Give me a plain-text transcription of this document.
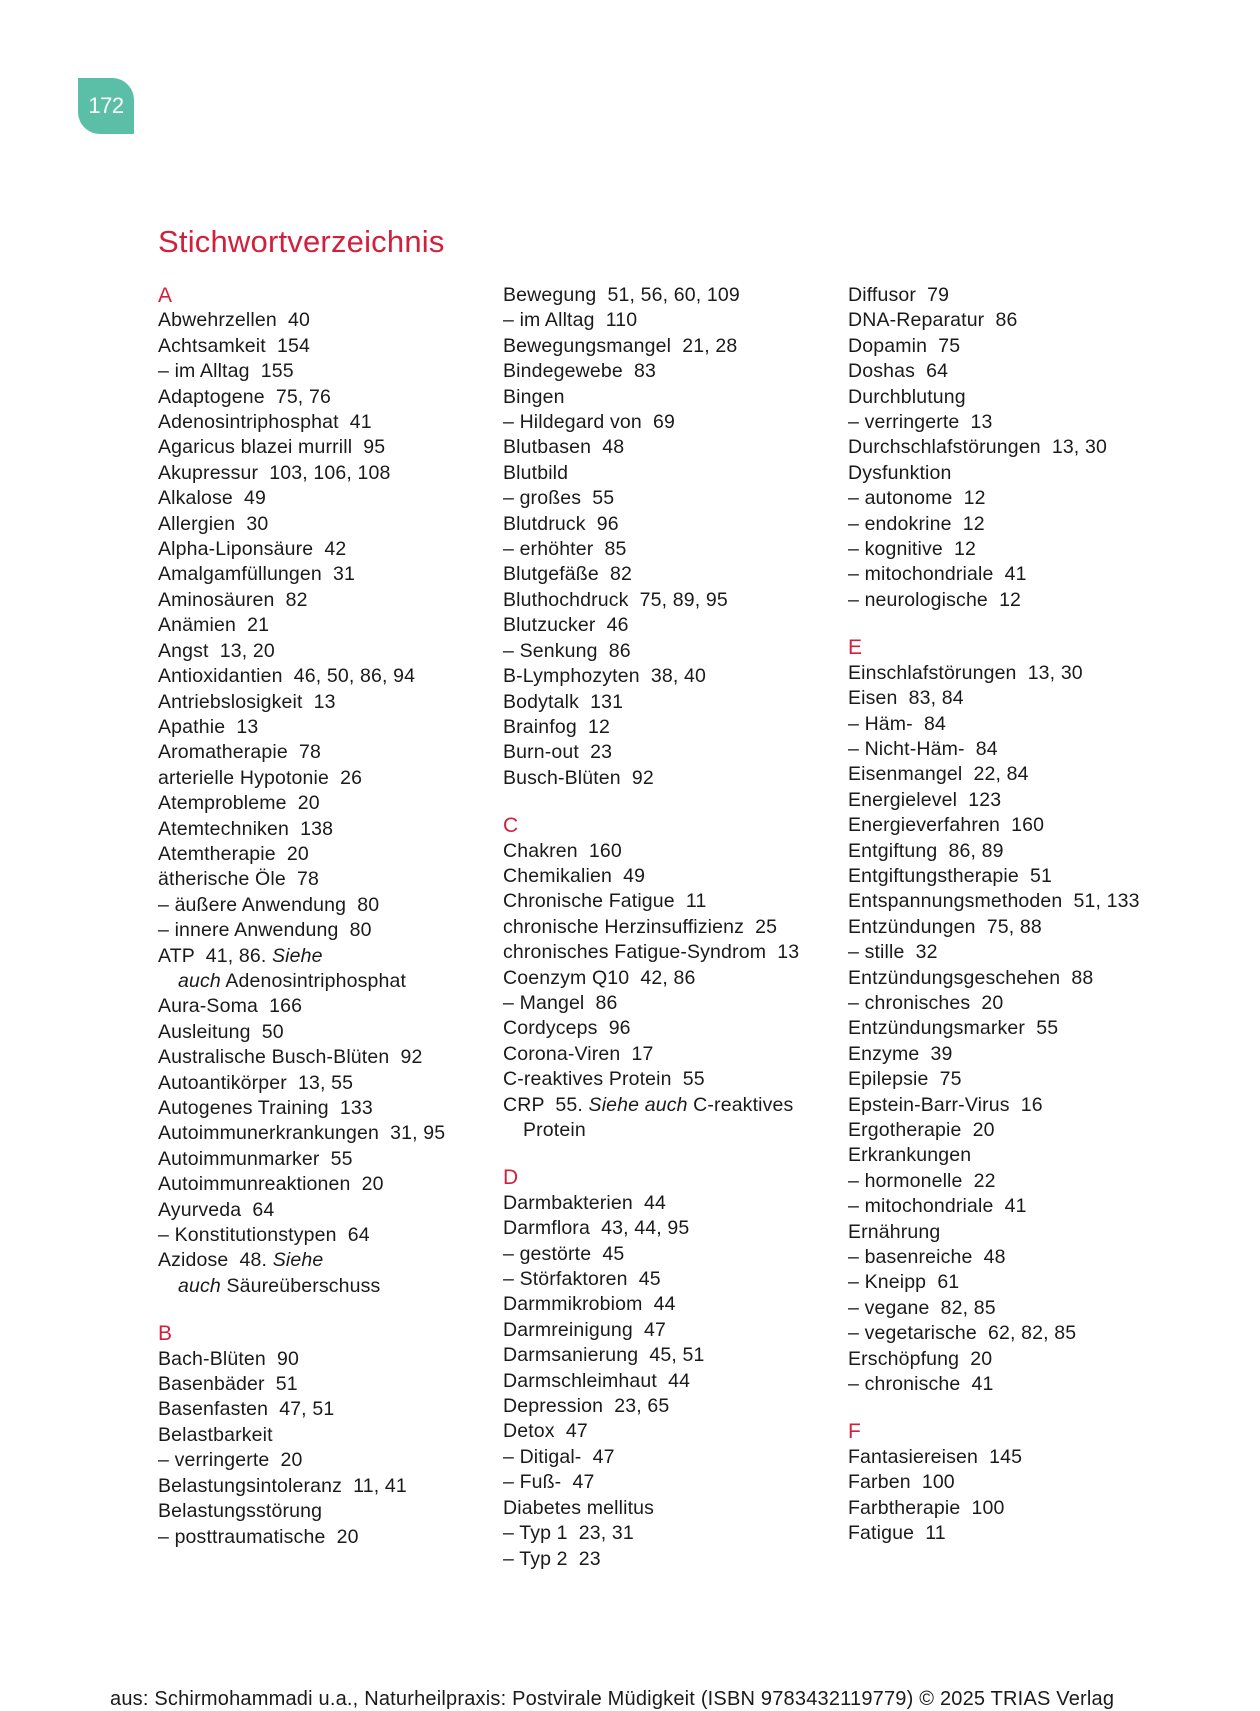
172
Stichwortverzeichnis
A
Abwehrzellen  40
Achtsamkeit  154
– im Alltag  155
Adaptogene  75, 76
Adenosintriphosphat  41
Agaricus blazei murrill  95
Akupressur  103, 106, 108
Alkalose  49
Allergien  30
Alpha-Liponsäure  42
Amalgamfüllungen  31
Aminosäuren  82
Anämien  21
Angst  13, 20
Antioxidantien  46, 50, 86, 94
Antriebslosigkeit  13
Apathie  13
Aromatherapie  78
arterielle Hypotonie  26
Atemprobleme  20
Atemtechniken  138
Atemtherapie  20
ätherische Öle  78
– äußere Anwendung  80
– innere Anwendung  80
ATP  41, 86. Siehe
auch Adenosintriphosphat
Aura-Soma  166
Ausleitung  50
Australische Busch-Blüten  92
Autoantikörper  13, 55
Autogenes Training  133
Autoimmunerkrankungen  31, 95
Autoimmunmarker  55
Autoimmunreaktionen  20
Ayurveda  64
– Konstitutionstypen  64
Azidose  48. Siehe
auch Säureüberschuss
B
Bach-Blüten  90
Basenbäder  51
Basenfasten  47, 51
Belastbarkeit
– verringerte  20
Belastungsintoleranz  11, 41
Belastungsstörung
– posttraumatische  20
Bewegung  51, 56, 60, 109
– im Alltag  110
Bewegungsmangel  21, 28
Bindegewebe  83
Bingen
– Hildegard von  69
Blutbasen  48
Blutbild
– großes  55
Blutdruck  96
– erhöhter  85
Blutgefäße  82
Bluthochdruck  75, 89, 95
Blutzucker  46
– Senkung  86
B-Lymphozyten  38, 40
Bodytalk  131
Brainfog  12
Burn-out  23
Busch-Blüten  92
C
Chakren  160
Chemikalien  49
Chronische Fatigue  11
chronische Herzinsuffizienz  25
chronisches Fatigue-Syndrom  13
Coenzym Q10  42, 86
– Mangel  86
Cordyceps  96
Corona-Viren  17
C-reaktives Protein  55
CRP  55. Siehe auch C-reaktives
Protein
D
Darmbakterien  44
Darmflora  43, 44, 95
– gestörte  45
– Störfaktoren  45
Darmmikrobiom  44
Darmreinigung  47
Darmsanierung  45, 51
Darmschleimhaut  44
Depression  23, 65
Detox  47
– Ditigal-  47
– Fuß-  47
Diabetes mellitus
– Typ 1  23, 31
– Typ 2  23
Diffusor  79
DNA-Reparatur  86
Dopamin  75
Doshas  64
Durchblutung
– verringerte  13
Durchschlafstörungen  13, 30
Dysfunktion
– autonome  12
– endokrine  12
– kognitive  12
– mitochondriale  41
– neurologische  12
E
Einschlafstörungen  13, 30
Eisen  83, 84
– Häm-  84
– Nicht-Häm-  84
Eisenmangel  22, 84
Energielevel  123
Energieverfahren  160
Entgiftung  86, 89
Entgiftungstherapie  51
Entspannungsmethoden  51, 133
Entzündungen  75, 88
– stille  32
Entzündungsgeschehen  88
– chronisches  20
Entzündungsmarker  55
Enzyme  39
Epilepsie  75
Epstein-Barr-Virus  16
Ergotherapie  20
Erkrankungen
– hormonelle  22
– mitochondriale  41
Ernährung
– basenreiche  48
– Kneipp  61
– vegane  82, 85
– vegetarische  62, 82, 85
Erschöpfung  20
– chronische  41
F
Fantasiereisen  145
Farben  100
Farbtherapie  100
Fatigue  11
aus: Schirmohammadi u.a., Naturheilpraxis: Postvirale Müdigkeit (ISBN 9783432119779) © 2025 TRIAS Verlag
